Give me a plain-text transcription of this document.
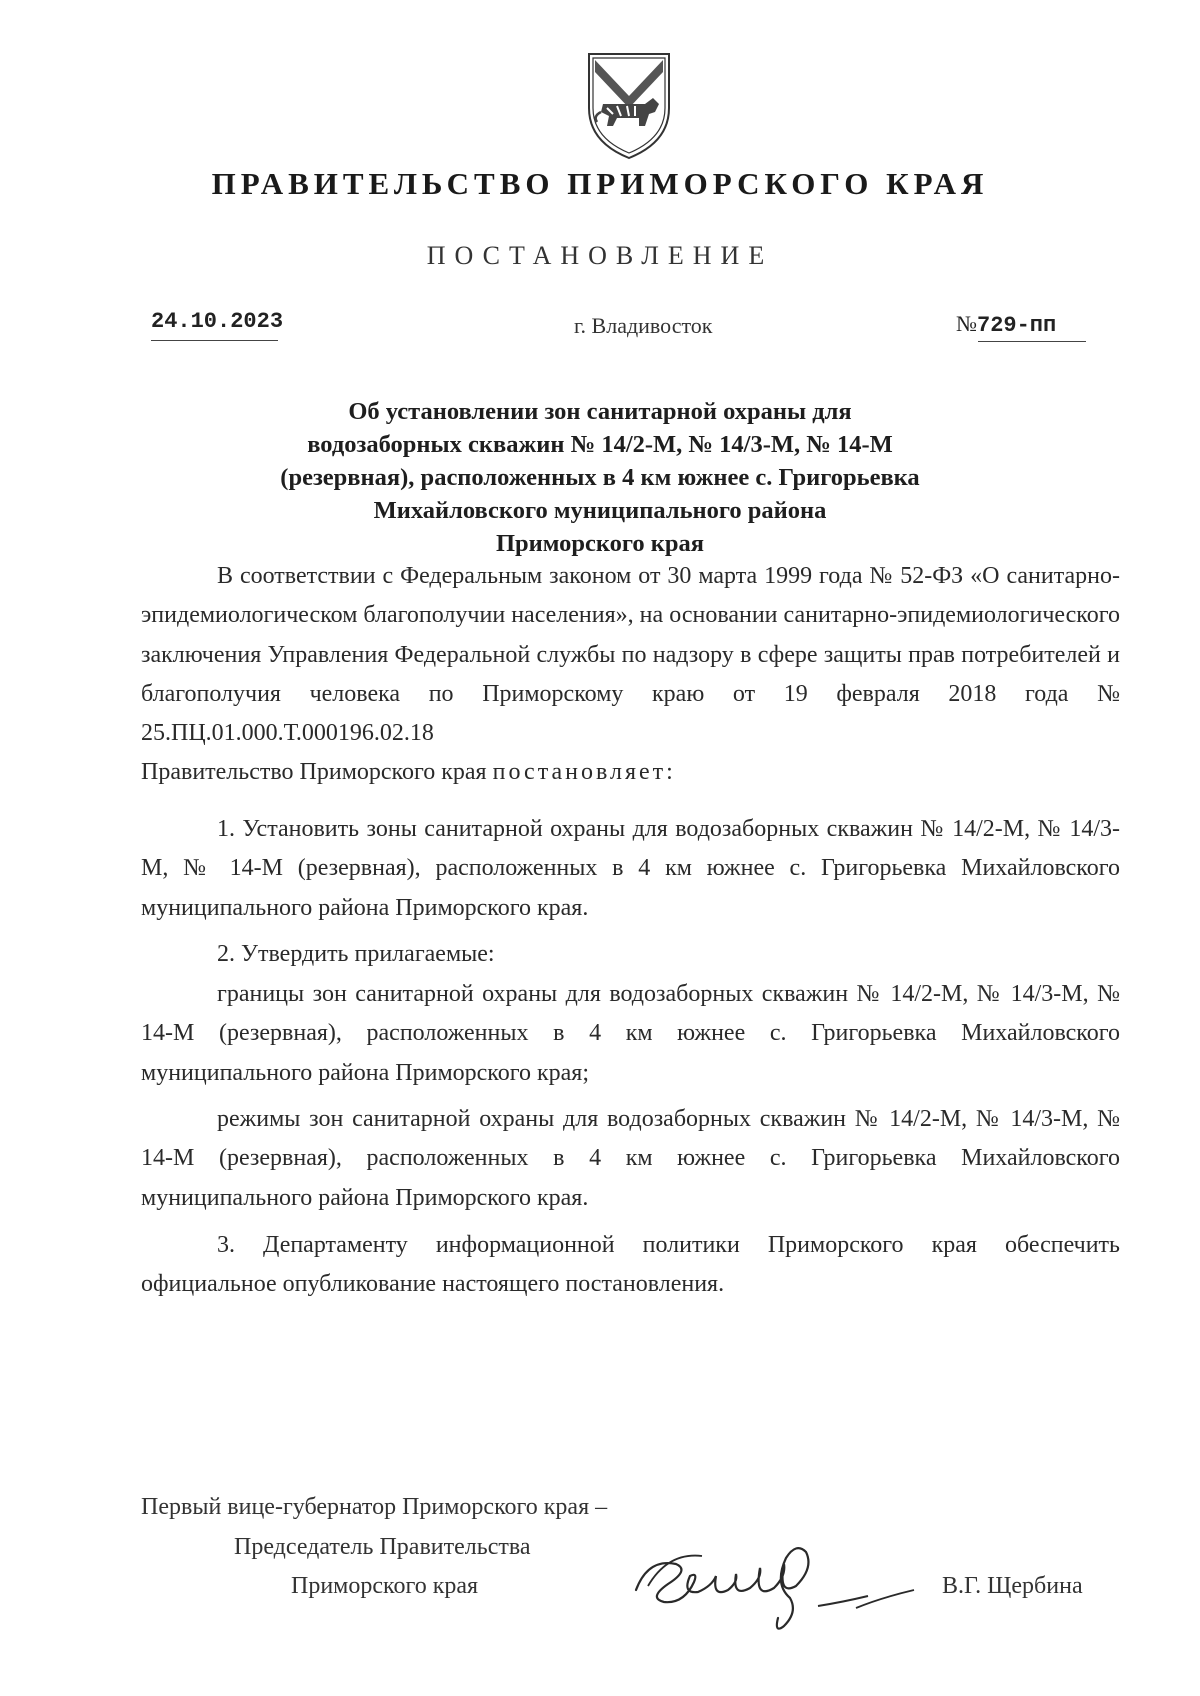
ПРАВИТЕЛЬСТВО ПРИМОРСКОГО КРАЯ
ПОСТАНОВЛЕНИЕ
24.10.2023	г. Владивосток	№729-пп
Об установлении зон санитарной охраны для
водозаборных скважин № 14/2-М, № 14/3-М, № 14-М
(резервная), расположенных в 4 км южнее с. Григорьевка
Михайловского муниципального района
Приморского края

В соответствии с Федеральным законом от 30 марта 1999 года № 52-ФЗ «О санитарно-эпидемиологическом благополучии населения», на основании санитарно-эпидемиологического заключения Управления Федеральной службы по надзору в сфере защиты прав потребителей и благополучия человека по Приморскому краю от 19 февраля 2018 года № 25.ПЦ.01.000.Т.000196.02.18

Правительство Приморского края постановляет:

1. Установить зоны санитарной охраны для водозаборных скважин № 14/2-М, № 14/3-М, № 14-М (резервная), расположенных в 4 км южнее с. Григорьевка Михайловского муниципального района Приморского края.

2. Утвердить прилагаемые:

границы зон санитарной охраны для водозаборных скважин № 14/2-М, № 14/3-М, № 14-М (резервная), расположенных в 4 км южнее с. Григорьевка Михайловского муниципального района Приморского края;

режимы зон санитарной охраны для водозаборных скважин № 14/2-М, № 14/3-М, № 14-М (резервная), расположенных в 4 км южнее с. Григорьевка Михайловского муниципального района Приморского края.

3. Департаменту информационной политики Приморского края обеспечить официальное опубликование настоящего постановления.

Первый вице-губернатор Приморского края –
Председатель Правительства
Приморского края	В.Г. Щербина
